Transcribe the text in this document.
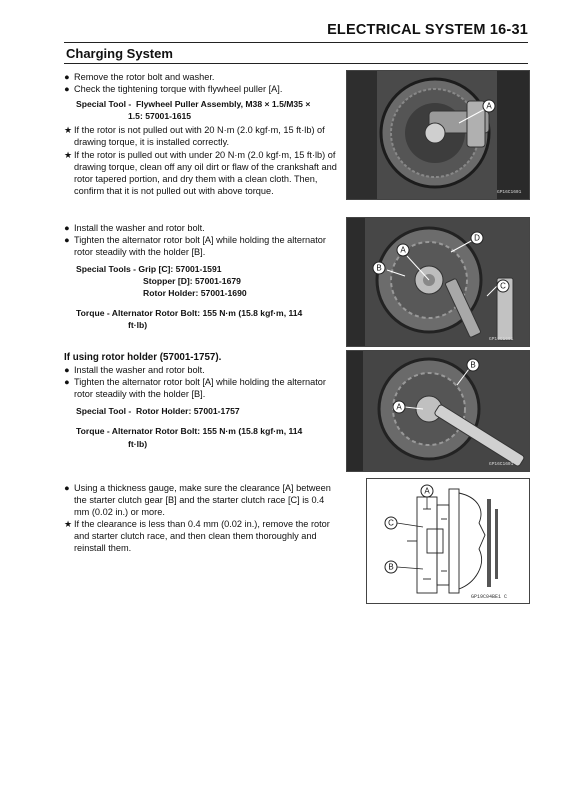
ELECTRICAL SYSTEM 16-31
Charging System
● Remove the rotor bolt and washer.
● Check the tightening torque with flywheel puller [A].
Special Tool - Flywheel Puller Assembly, M38 × 1.5/M35 ×
1.5: 57001-1615
★ If the rotor is not pulled out with 20 N·m (2.0 kgf·m, 15 ft·lb) of drawing torque, it is installed correctly.
★ If the rotor is pulled out with under 20 N·m (2.0 kgf·m, 15 ft·lb) of drawing torque, clean off any oil dirt or flaw of the crankshaft and rotor tapered portion, and dry them with a clean cloth. Then, confirm that it is not pulled out with above torque.
● Install the washer and rotor bolt.
● Tighten the alternator rotor bolt [A] while holding the alternator rotor steadily with the holder [B].
Special Tools - Grip [C]: 57001-1591
Stopper [D]: 57001-1679
Rotor Holder: 57001-1690
Torque - Alternator Rotor Bolt: 155 N·m (15.8 kgf·m, 114
ft·lb)
If using rotor holder (57001-1757).
● Install the washer and rotor bolt.
● Tighten the alternator rotor bolt [A] while holding the alternator rotor steadily with the holder [B].
Special Tool - Rotor Holder: 57001-1757
Torque - Alternator Rotor Bolt: 155 N·m (15.8 kgf·m, 114
ft·lb)
● Using a thickness gauge, make sure the clearance [A] between the starter clutch gear [B] and the starter clutch race [C] is 0.4 mm (0.02 in.) or more.
★ If the clearance is less than 0.4 mm (0.02 in.), remove the rotor and starter clutch race, and then clean them thoroughly and reinstall them.
A
GP16C1601
A
B
C
D
GP16C1601
A
B
GP16C1601
A
C
B
GP19C04BE1 C
